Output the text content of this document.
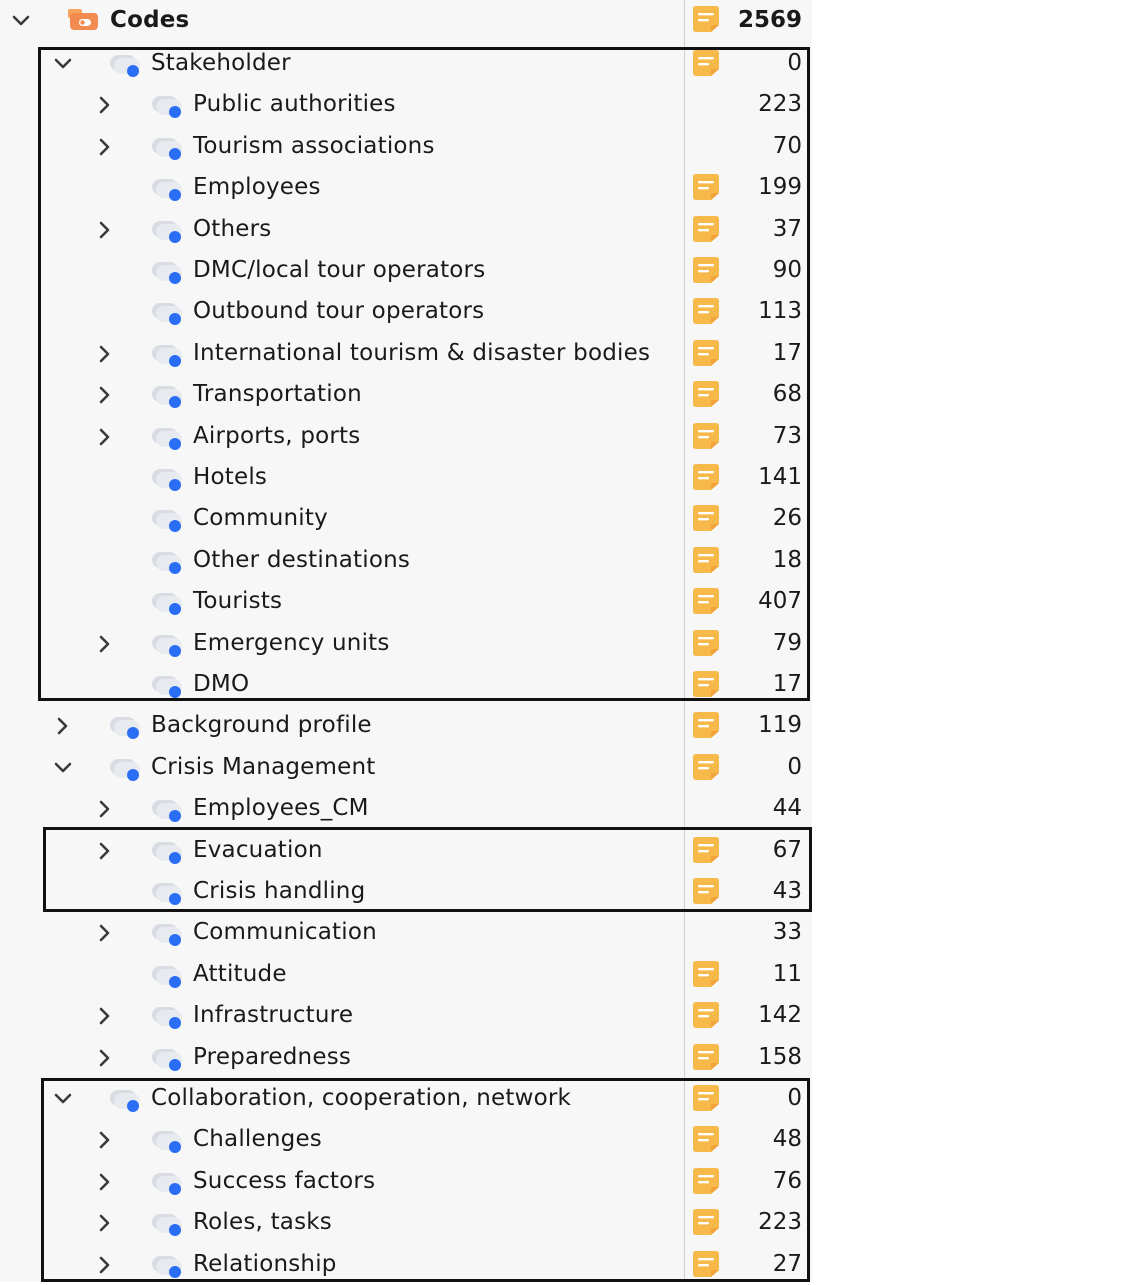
Codes	2569
Stakeholder	0
Public authorities	223
Tourism associations	70
Employees	199
Others	37
DMC/local tour operators	90
Outbound tour operators	113
International tourism & disaster bodies	17
Transportation	68
Airports, ports	73
Hotels	141
Community	26
Other destinations	18
Tourists	407
Emergency units	79
DMO	17
Background profile	119
Crisis Management	0
Employees_CM	44
Evacuation	67
Crisis handling	43
Communication	33
Attitude	11
Infrastructure	142
Preparedness	158
Collaboration, cooperation, network	0
Challenges	48
Success factors	76
Roles, tasks	223
Relationship	27
